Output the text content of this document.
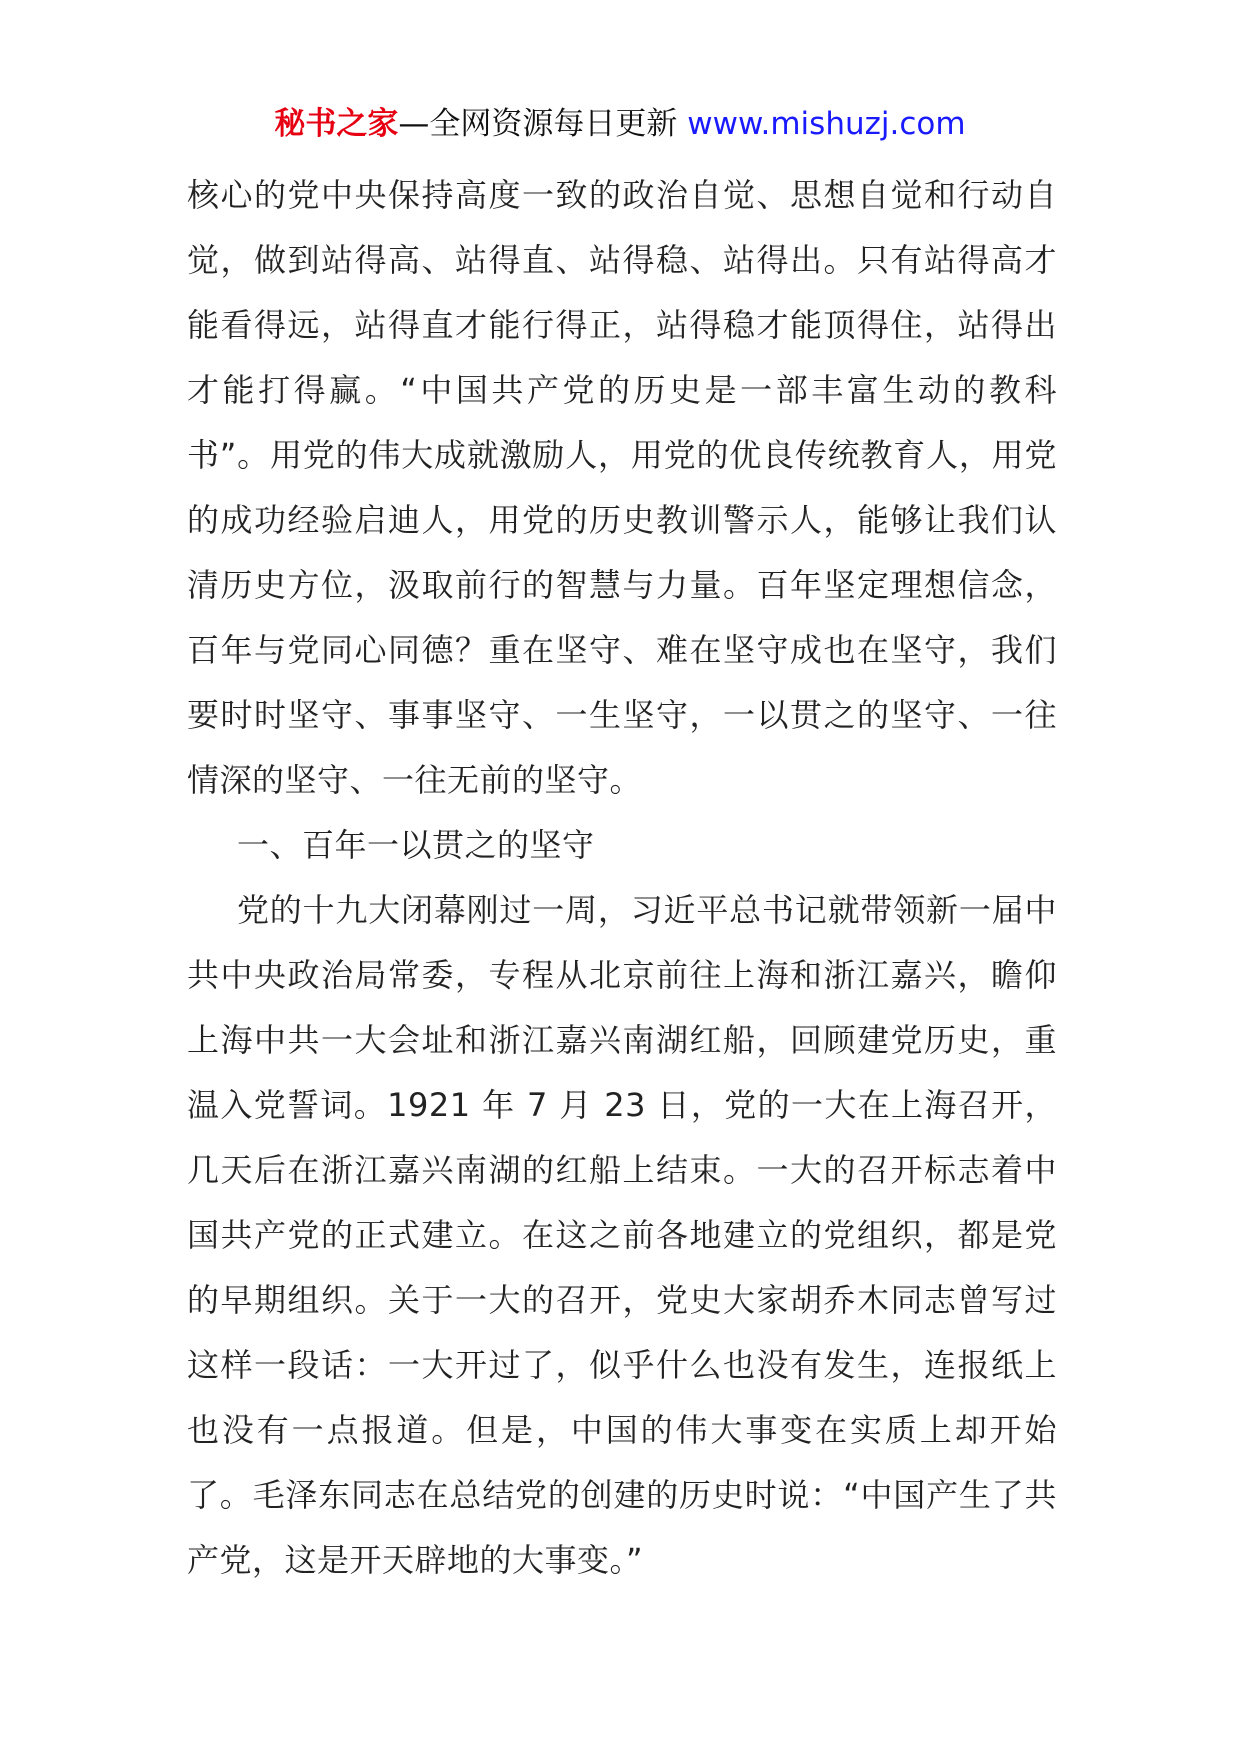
秘书之家—全网资源每日更新 www.mishuzj.com

核心的党中央保持高度一致的政治自觉、思想自觉和行动自觉，做到站得高、站得直、站得稳、站得出。只有站得高才能看得远，站得直才能行得正，站得稳才能顶得住，站得出才能打得赢。“中国共产党的历史是一部丰富生动的教科书”。用党的伟大成就激励人，用党的优良传统教育人，用党的成功经验启迪人，用党的历史教训警示人，能够让我们认清历史方位，汲取前行的智慧与力量。百年坚定理想信念，百年与党同心同德？重在坚守、难在坚守成也在坚守，我们要时时坚守、事事坚守、一生坚守，一以贯之的坚守、一往情深的坚守、一往无前的坚守。

一、百年一以贯之的坚守

党的十九大闭幕刚过一周，习近平总书记就带领新一届中共中央政治局常委，专程从北京前往上海和浙江嘉兴，瞻仰上海中共一大会址和浙江嘉兴南湖红船，回顾建党历史，重温入党誓词。1921 年 7 月 23 日，党的一大在上海召开，几天后在浙江嘉兴南湖的红船上结束。一大的召开标志着中国共产党的正式建立。在这之前各地建立的党组织，都是党的早期组织。关于一大的召开，党史大家胡乔木同志曾写过这样一段话：一大开过了，似乎什么也没有发生，连报纸上也没有一点报道。但是，中国的伟大事变在实质上却开始了。毛泽东同志在总结党的创建的历史时说：“中国产生了共产党，这是开天辟地的大事变。”
